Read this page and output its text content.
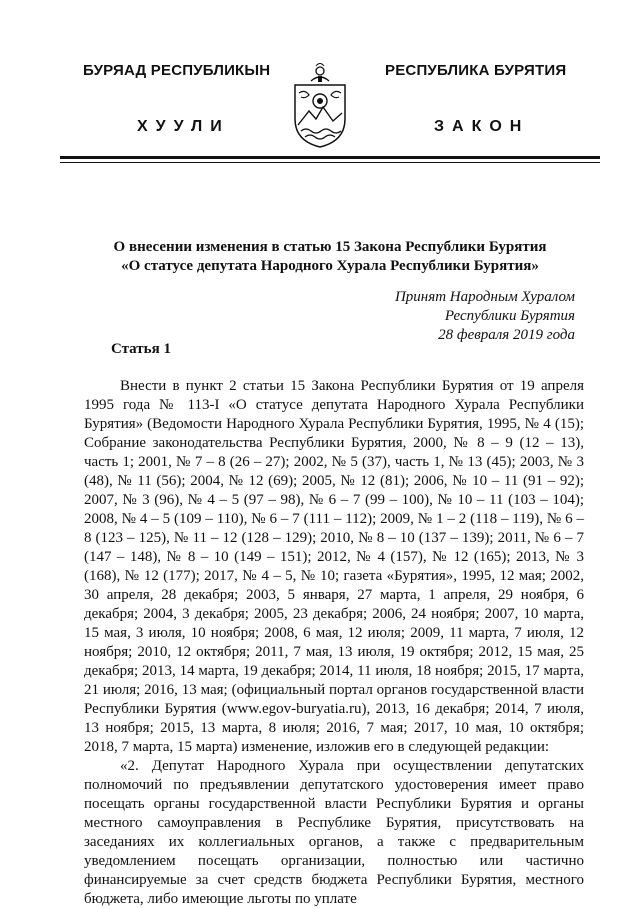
БУРЯАД РЕСПУБЛИКЫН
ХУУЛИ
РЕСПУБЛИКА БУРЯТИЯ
ЗАКОН
О внесении изменения в статью 15 Закона Республики Бурятия
«О статусе депутата Народного Хурала Республики Бурятия»
Принят Народным Хуралом
Республики Бурятия
28 февраля 2019 года
Статья 1

Внести в пункт 2 статьи 15 Закона Республики Бурятия от 19 апреля 1995 года № 113-I «О статусе депутата Народного Хурала Республики Бурятия» (Ведомости Народного Хурала Республики Бурятия, 1995, № 4 (15); Собрание законодательства Республики Бурятия, 2000, № 8 – 9 (12 – 13), часть 1; 2001, № 7 – 8 (26 – 27); 2002, № 5 (37), часть 1, № 13 (45); 2003, № 3 (48), № 11 (56); 2004, № 12 (69); 2005, № 12 (81); 2006, № 10 – 11 (91 – 92); 2007, № 3 (96), № 4 – 5 (97 – 98), № 6 – 7 (99 – 100), № 10 – 11 (103 – 104); 2008, № 4 – 5 (109 – 110), № 6 – 7 (111 – 112); 2009, № 1 – 2 (118 – 119), № 6 – 8 (123 – 125), № 11 – 12 (128 – 129); 2010, № 8 – 10 (137 – 139); 2011, № 6 – 7 (147 – 148), № 8 – 10 (149 – 151); 2012, № 4 (157), № 12 (165); 2013, № 3 (168), № 12 (177); 2017, № 4 – 5, № 10; газета «Бурятия», 1995, 12 мая; 2002, 30 апреля, 28 декабря; 2003, 5 января, 27 марта, 1 апреля, 29 ноября, 6 декабря; 2004, 3 декабря; 2005, 23 декабря; 2006, 24 ноября; 2007, 10 марта, 15 мая, 3 июля, 10 ноября; 2008, 6 мая, 12 июля; 2009, 11 марта, 7 июля, 12 ноября; 2010, 12 октября; 2011, 7 мая, 13 июля, 19 октября; 2012, 15 мая, 25 декабря; 2013, 14 марта, 19 декабря; 2014, 11 июля, 18 ноября; 2015, 17 марта, 21 июля; 2016, 13 мая; (официальный портал органов государственной власти Республики Бурятия (www.egov-buryatia.ru), 2013, 16 декабря; 2014, 7 июля, 13 ноября; 2015, 13 марта, 8 июля; 2016, 7 мая; 2017, 10 мая, 10 октября; 2018, 7 марта, 15 марта) изменение, изложив его в следующей редакции:

«2. Депутат Народного Хурала при осуществлении депутатских полномочий по предъявлении депутатского удостоверения имеет право посещать органы государственной власти Республики Бурятия и органы местного самоуправления в Республике Бурятия, присутствовать на заседаниях их коллегиальных органов, а также с предварительным уведомлением посещать организации, полностью или частично финансируемые за счет средств бюджета Республики Бурятия, местного бюджета, либо имеющие льготы по уплате
